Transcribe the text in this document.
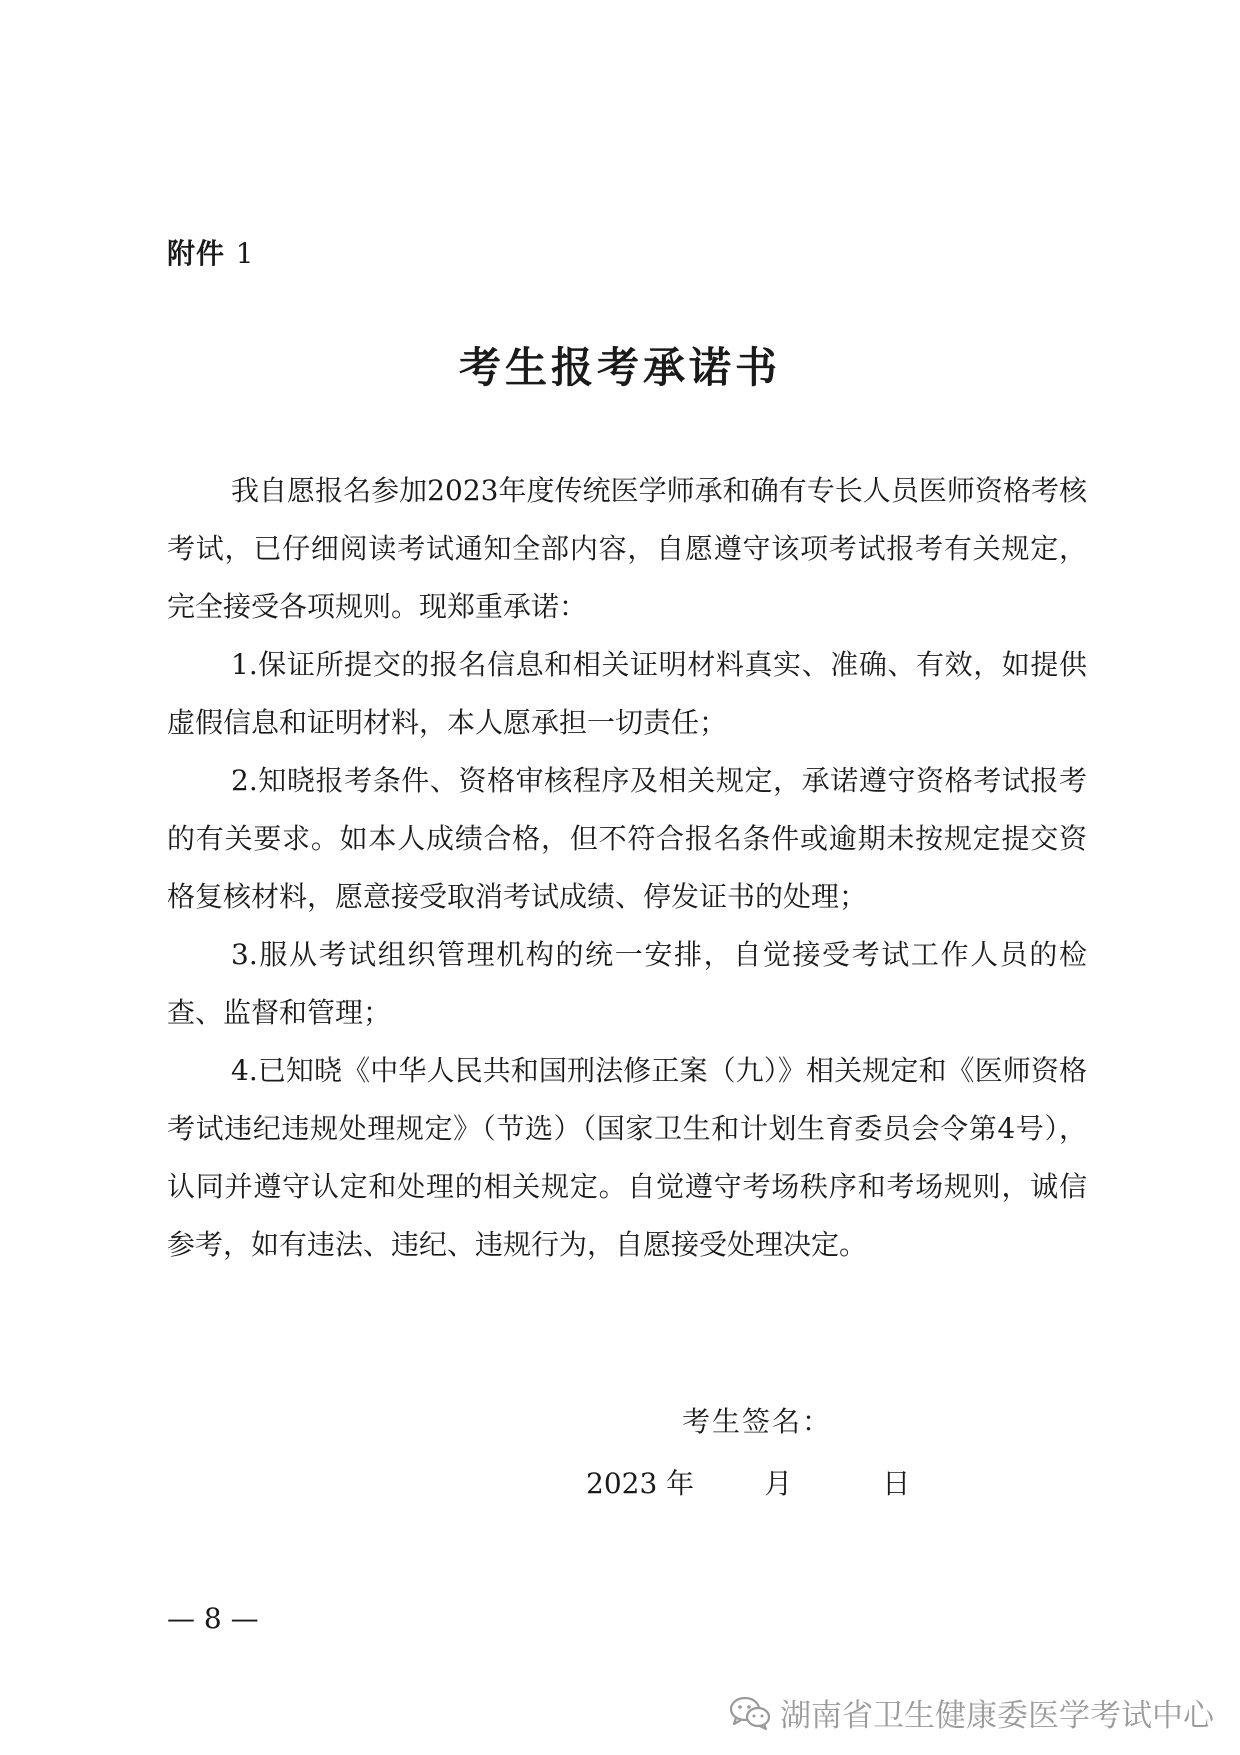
附件 1
考生报考承诺书

我自愿报名参加2023年度传统医学师承和确有专长人员医师资格考核考试，已仔细阅读考试通知全部内容，自愿遵守该项考试报考有关规定，完全接受各项规则。现郑重承诺：

1.保证所提交的报名信息和相关证明材料真实、准确、有效，如提供虚假信息和证明材料，本人愿承担一切责任；

2.知晓报考条件、资格审核程序及相关规定，承诺遵守资格考试报考的有关要求。如本人成绩合格，但不符合报名条件或逾期未按规定提交资格复核材料，愿意接受取消考试成绩、停发证书的处理；

3.服从考试组织管理机构的统一安排，自觉接受考试工作人员的检查、监督和管理；

4.已知晓《中华人民共和国刑法修正案（九）》相关规定和《医师资格考试违纪违规处理规定》（节选）（国家卫生和计划生育委员会令第4号），认同并遵守认定和处理的相关规定。自觉遵守考场秩序和考场规则，诚信参考，如有违法、违纪、违规行为，自愿接受处理决定。

考生签名：
2023 年	月	日
— 8 —
湖南省卫生健康委医学考试中心
